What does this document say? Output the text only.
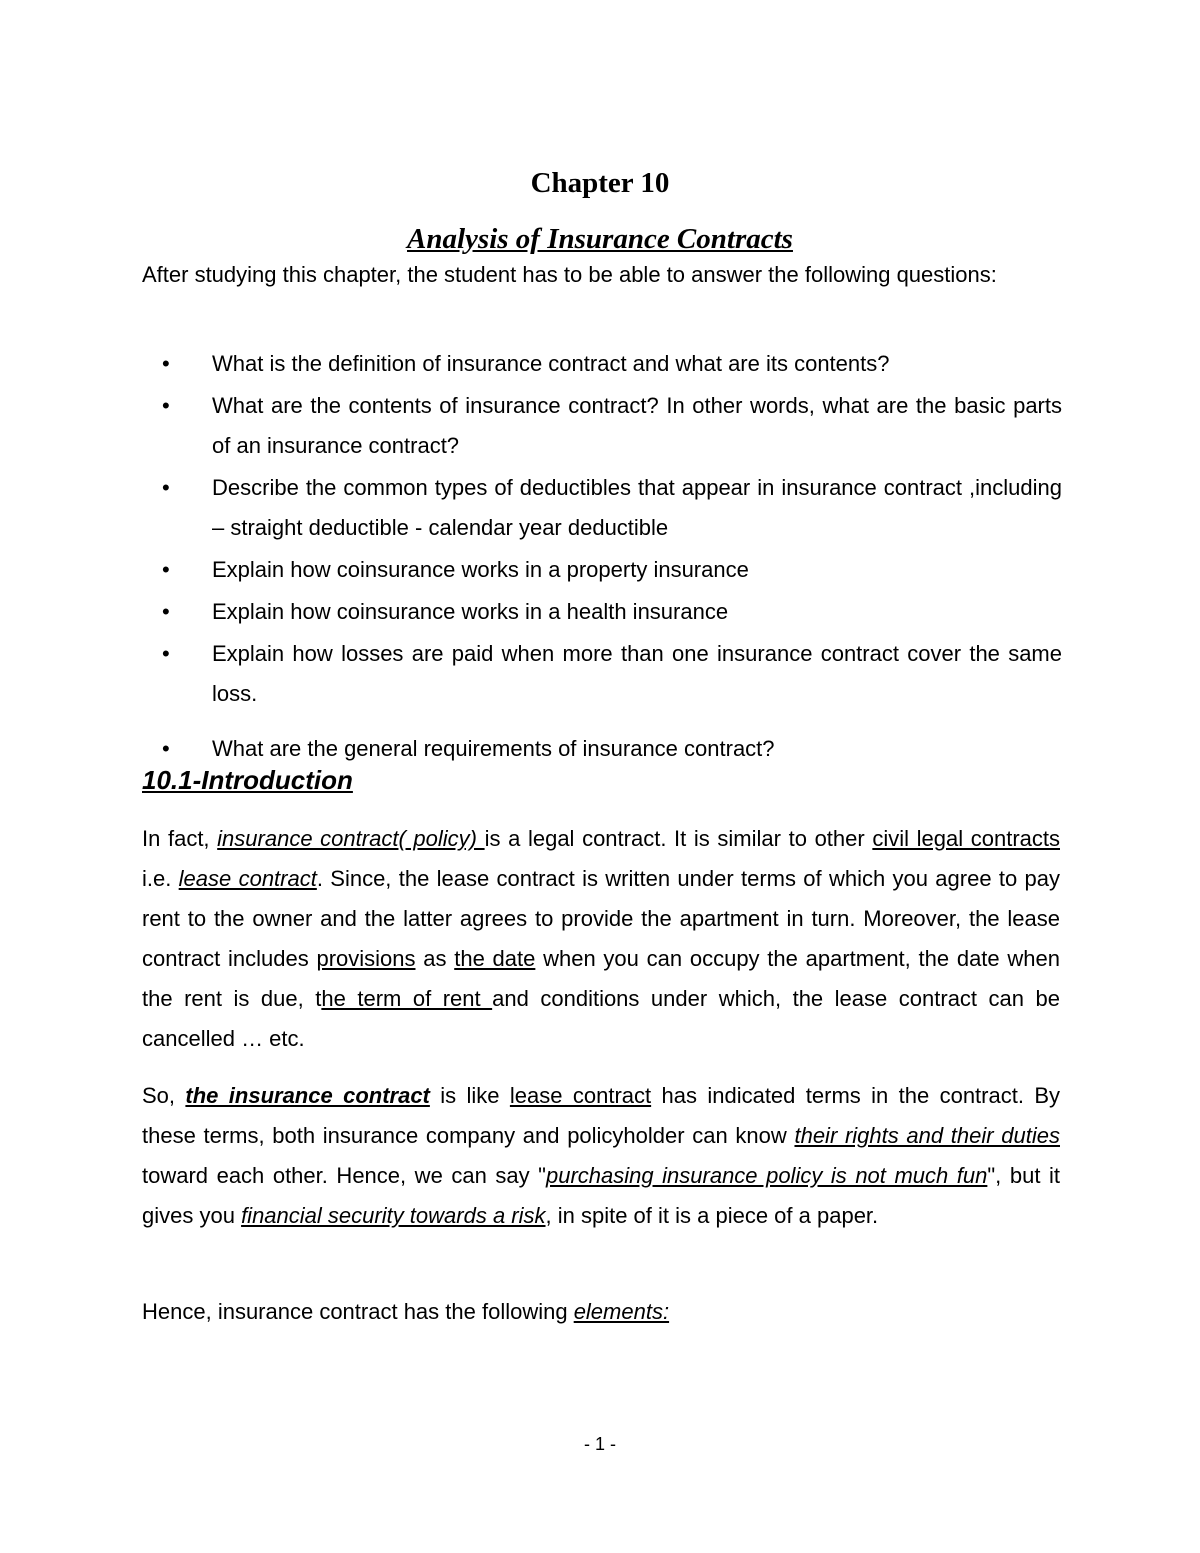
Chapter 10
Analysis of Insurance Contracts
After studying this chapter, the student has to be able to answer the following questions:
• What is the definition of insurance contract and what are its contents?
• What are the contents of insurance contract? In other words, what are the basic parts of an insurance contract?
• Describe the common types of deductibles that appear in insurance contract ,including – straight deductible - calendar year deductible
• Explain how coinsurance works in a property insurance
• Explain how coinsurance works in a health insurance
• Explain how losses are paid when more than one insurance contract cover the same loss.
• What are the general requirements of insurance contract?
10.1-Introduction

In fact, insurance contract( policy) is a legal contract. It is similar to other civil legal contracts i.e. lease contract. Since, the lease contract is written under terms of which you agree to pay rent to the owner and the latter agrees to provide the apartment in turn. Moreover, the lease contract includes provisions as the date when you can occupy the apartment, the date when the rent is due, the term of rent and conditions under which, the lease contract can be cancelled … etc.

So, the insurance contract is like lease contract has indicated terms in the contract. By these terms, both insurance company and policyholder can know their rights and their duties toward each other. Hence, we can say "purchasing insurance policy is not much fun", but it gives you financial security towards a risk, in spite of it is a piece of a paper.

Hence, insurance contract has the following elements:

- 1 -
